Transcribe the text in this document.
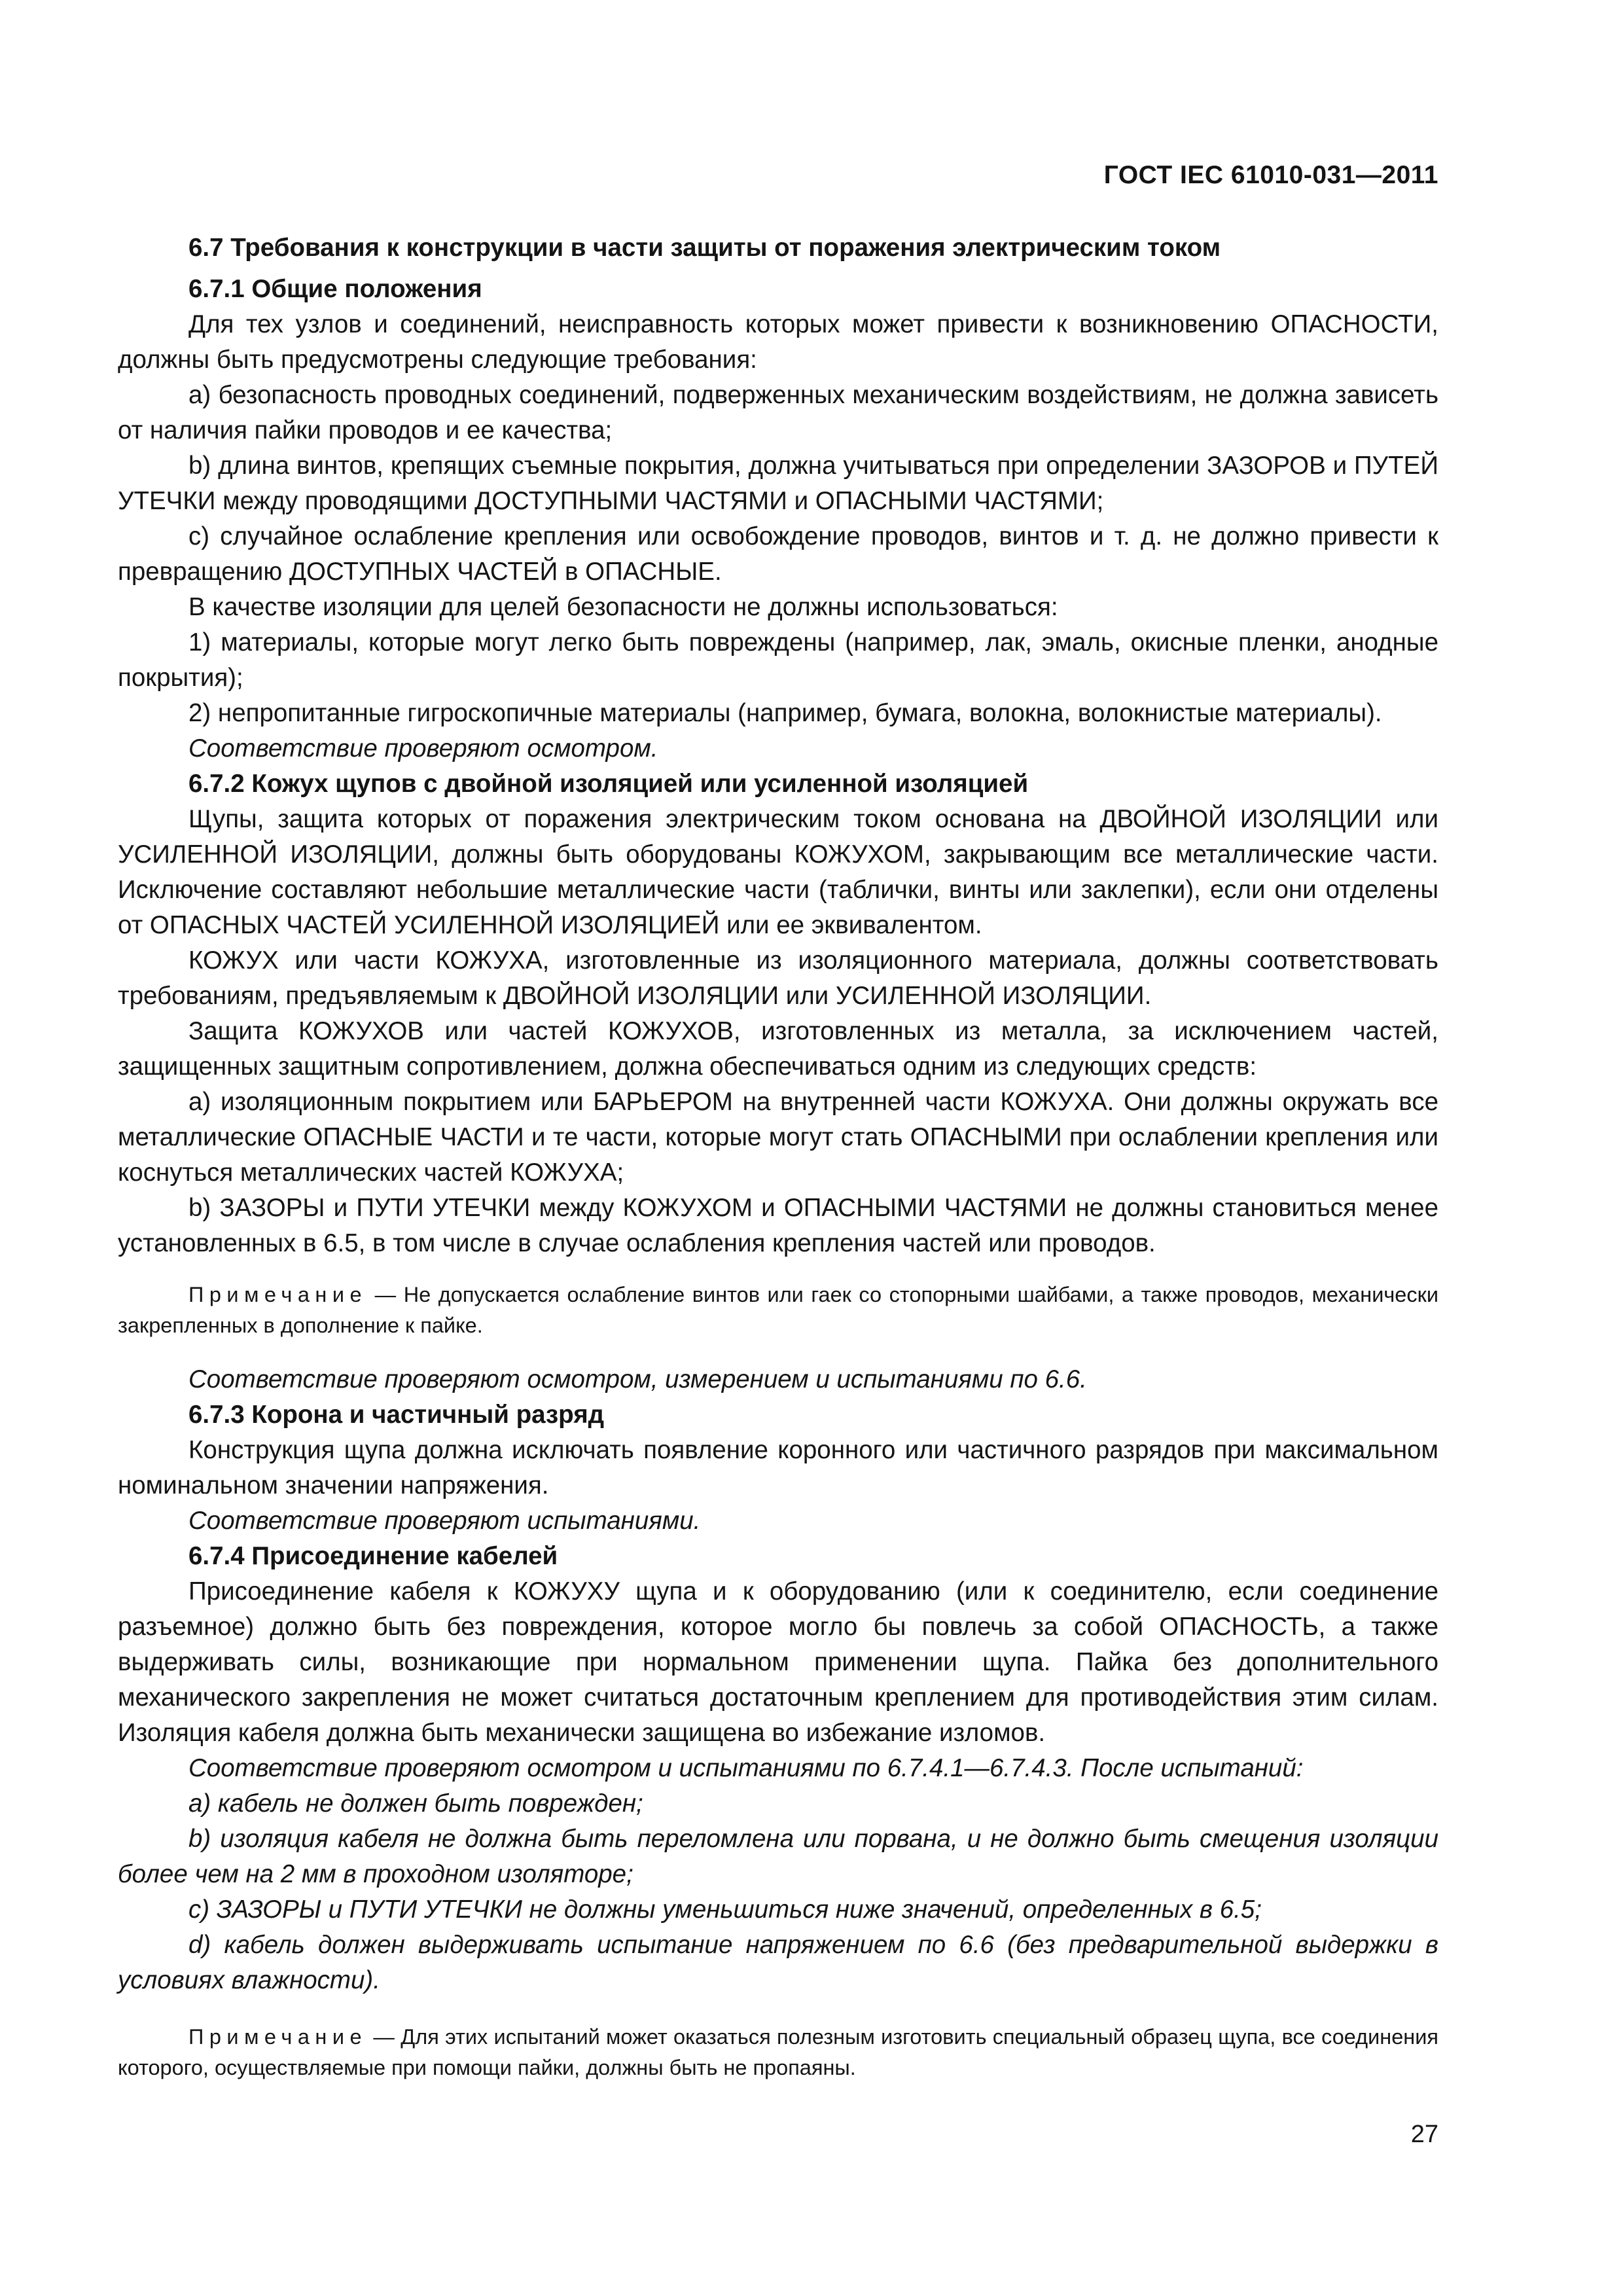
ГОСТ IEC 61010-031—2011

6.7 Требования к конструкции в части защиты от поражения электрическим током

6.7.1 Общие положения

Для тех узлов и соединений, неисправность которых может привести к возникновению ОПАСНОСТИ, должны быть предусмотрены следующие требования:

a) безопасность проводных соединений, подверженных механическим воздействиям, не должна зависеть от наличия пайки проводов и ее качества;

b) длина винтов, крепящих съемные покрытия, должна учитываться при определении ЗАЗОРОВ и ПУТЕЙ УТЕЧКИ между проводящими ДОСТУПНЫМИ ЧАСТЯМИ и ОПАСНЫМИ ЧАСТЯМИ;

c) случайное ослабление крепления или освобождение проводов, винтов и т. д. не должно привести к превращению ДОСТУПНЫХ ЧАСТЕЙ в ОПАСНЫЕ.

В качестве изоляции для целей безопасности не должны использоваться:

1) материалы, которые могут легко быть повреждены (например, лак, эмаль, окисные пленки, анодные покрытия);

2) непропитанные гигроскопичные материалы (например, бумага, волокна, волокнистые материалы).

Соответствие проверяют осмотром.

6.7.2 Кожух щупов с двойной изоляцией или усиленной изоляцией

Щупы, защита которых от поражения электрическим током основана на ДВОЙНОЙ ИЗОЛЯЦИИ или УСИЛЕННОЙ ИЗОЛЯЦИИ, должны быть оборудованы КОЖУХОМ, закрывающим все металлические части. Исключение составляют небольшие металлические части (таблички, винты или заклепки), если они отделены от ОПАСНЫХ ЧАСТЕЙ УСИЛЕННОЙ ИЗОЛЯЦИЕЙ или ее эквивалентом.

КОЖУХ или части КОЖУХА, изготовленные из изоляционного материала, должны соответствовать требованиям, предъявляемым к ДВОЙНОЙ ИЗОЛЯЦИИ или УСИЛЕННОЙ ИЗОЛЯЦИИ.

Защита КОЖУХОВ или частей КОЖУХОВ, изготовленных из металла, за исключением частей, защищенных защитным сопротивлением, должна обеспечиваться одним из следующих средств:

a) изоляционным покрытием или БАРЬЕРОМ на внутренней части КОЖУХА. Они должны окружать все металлические ОПАСНЫЕ ЧАСТИ и те части, которые могут стать ОПАСНЫМИ при ослаблении крепления или коснуться металлических частей КОЖУХА;

b) ЗАЗОРЫ и ПУТИ УТЕЧКИ между КОЖУХОМ и ОПАСНЫМИ ЧАСТЯМИ не должны становиться менее установленных в 6.5, в том числе в случае ослабления крепления частей или проводов.

Примечание — Не допускается ослабление винтов или гаек со стопорными шайбами, а также проводов, механически закрепленных в дополнение к пайке.

Соответствие проверяют осмотром, измерением и испытаниями по 6.6.

6.7.3 Корона и частичный разряд

Конструкция щупа должна исключать появление коронного или частичного разрядов при максимальном номинальном значении напряжения.

Соответствие проверяют испытаниями.

6.7.4 Присоединение кабелей

Присоединение кабеля к КОЖУХУ щупа и к оборудованию (или к соединителю, если соединение разъемное) должно быть без повреждения, которое могло бы повлечь за собой ОПАСНОСТЬ, а также выдерживать силы, возникающие при нормальном применении щупа. Пайка без дополнительного механического закрепления не может считаться достаточным креплением для противодействия этим силам. Изоляция кабеля должна быть механически защищена во избежание изломов.

Соответствие проверяют осмотром и испытаниями по 6.7.4.1—6.7.4.3. После испытаний:

a) кабель не должен быть поврежден;

b) изоляция кабеля не должна быть переломлена или порвана, и не должно быть смещения изоляции более чем на 2 мм в проходном изоляторе;

c) ЗАЗОРЫ и ПУТИ УТЕЧКИ не должны уменьшиться ниже значений, определенных в 6.5;

d) кабель должен выдерживать испытание напряжением по 6.6 (без предварительной выдержки в условиях влажности).

Примечание — Для этих испытаний может оказаться полезным изготовить специальный образец щупа, все соединения которого, осуществляемые при помощи пайки, должны быть не пропаяны.

27
